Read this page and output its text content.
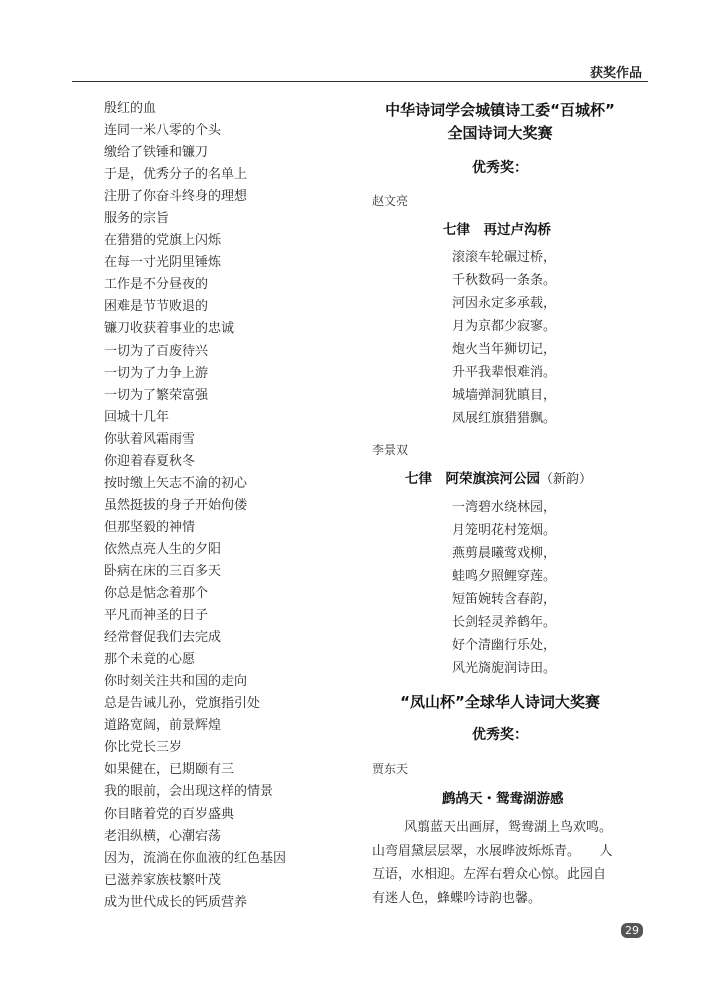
获奖作品
殷红的血
连同一米八零的个头
缴给了铁锤和镰刀
于是，优秀分子的名单上
注册了你奋斗终身的理想
服务的宗旨
在猎猎的党旗上闪烁
在每一寸光阴里锤炼
工作是不分昼夜的
困难是节节败退的
镰刀收获着事业的忠诚
一切为了百废待兴
一切为了力争上游
一切为了繁荣富强
回城十几年
你驮着风霜雨雪
你迎着春夏秋冬
按时缴上矢志不渝的初心
虽然挺拔的身子开始佝偻
但那坚毅的神情
依然点亮人生的夕阳
卧病在床的三百多天
你总是惦念着那个
平凡而神圣的日子
经常督促我们去完成
那个未竟的心愿
你时刻关注共和国的走向
总是告诫儿孙，党旗指引处
道路宽阔，前景辉煌
你比党长三岁
如果健在，已期颐有三
我的眼前，会出现这样的情景
你目睹着党的百岁盛典
老泪纵横，心潮宕荡
因为，流淌在你血液的红色基因
已滋养家族枝繁叶茂
成为世代成长的钙质营养
中华诗词学会城镇诗工委“百城杯”
全国诗词大奖赛
优秀奖：
赵文亮
七律　再过卢沟桥
滚滚车轮碾过桥，
千秋数码一条条。
河因永定多承载，
月为京都少寂寥。
炮火当年狮切记，
升平我辈恨难消。
城墙弹洞犹瞋目，
凤展红旗猎猎飘。
李景双
七律　阿荣旗滨河公园（新韵）
一湾碧水绕林园，
月笼明花村笼烟。
燕剪晨曦莺戏柳，
蛙鸣夕照鲤穿莲。
短笛婉转含春韵，
长剑轻灵养鹤年。
好个清幽行乐处，
风光旖旎润诗田。
“凤山杯”全球华人诗词大奖赛
优秀奖：
贾东天
鹧鸪天・鸳鸯湖游感
风翦蓝天出画屏，鸳鸯湖上鸟欢鸣。
山弯眉黛层层翠，水展晔波烁烁青。　　人
互语，水相迎。左浑右碧众心惊。此园自
有迷人色，蜂蝶吟诗韵也馨。
29
